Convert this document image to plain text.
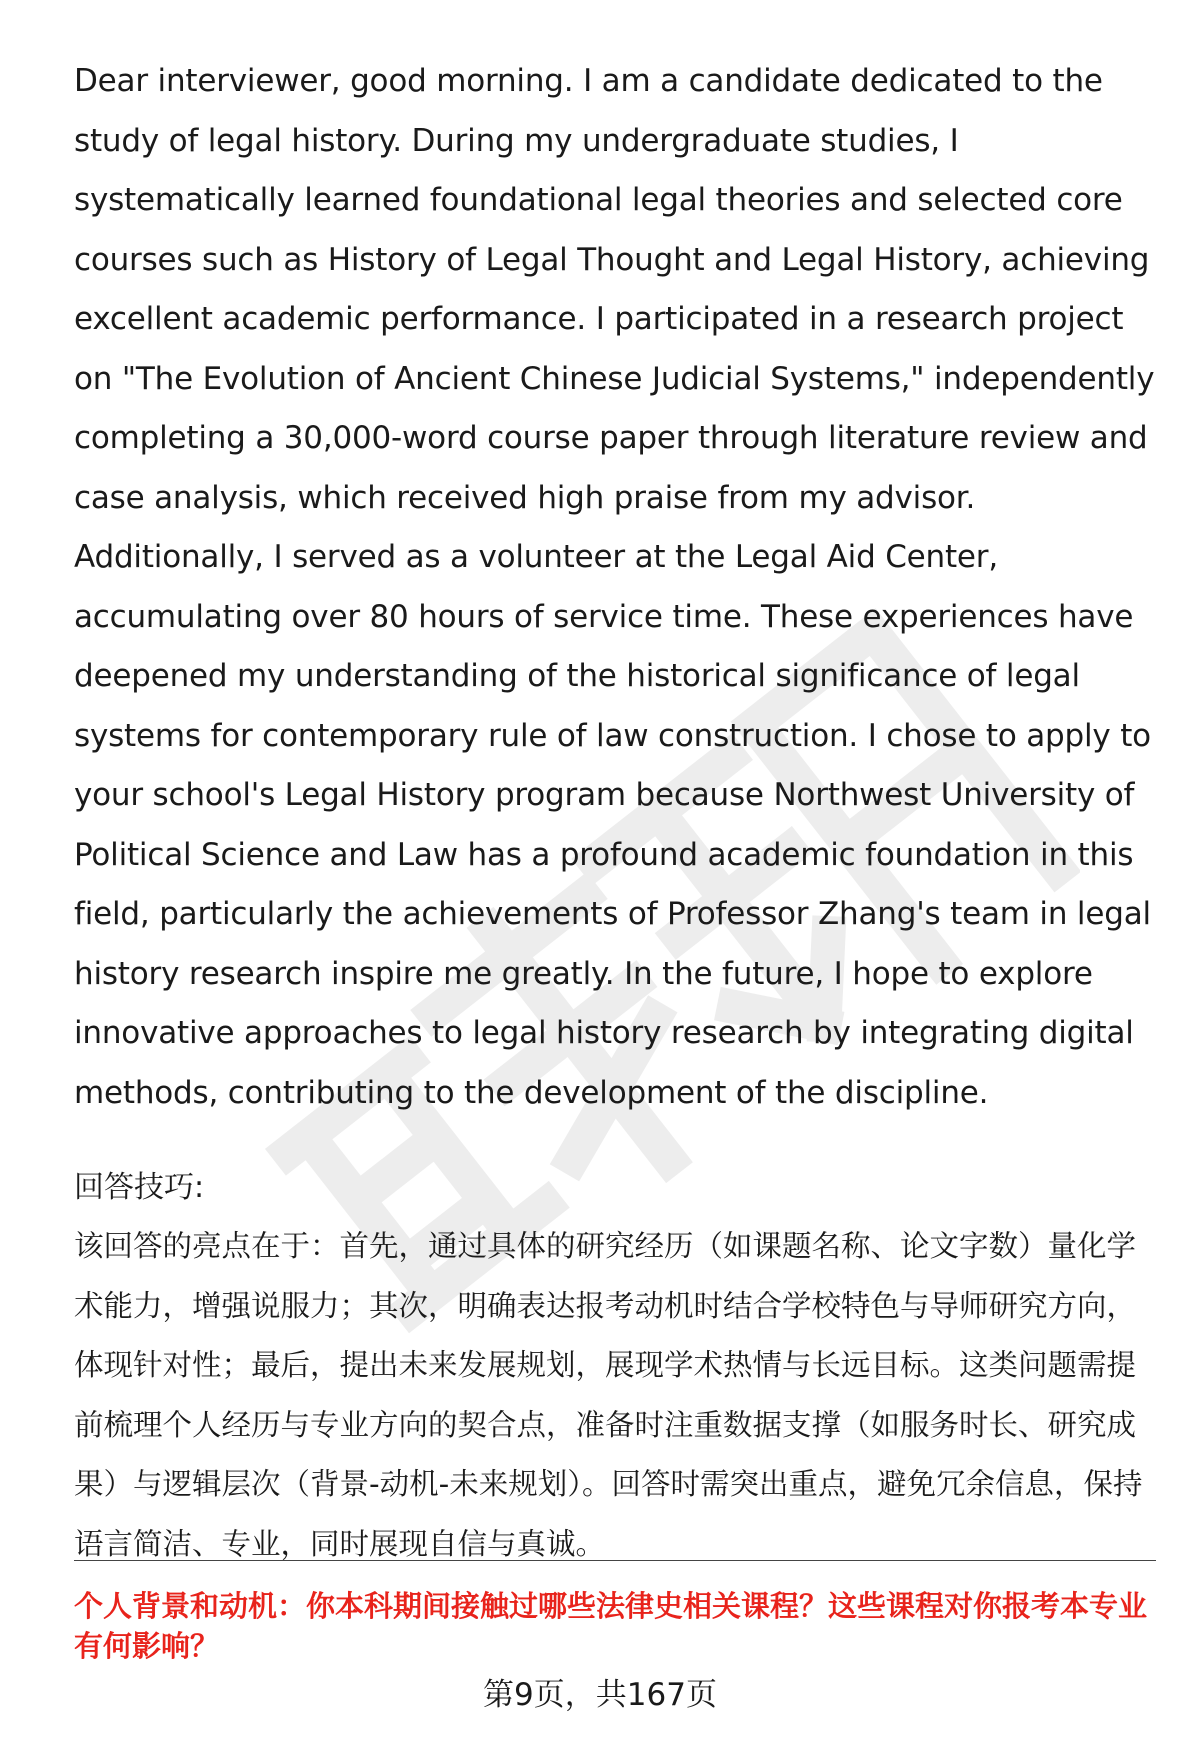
Dear interviewer, good morning. I am a candidate dedicated to the study of legal history. During my undergraduate studies, I systematically learned foundational legal theories and selected core courses such as History of Legal Thought and Legal History, achieving excellent academic performance. I participated in a research project on "The Evolution of Ancient Chinese Judicial Systems," independently completing a 30,000-word course paper through literature review and case analysis, which received high praise from my advisor. Additionally, I served as a volunteer at the Legal Aid Center, accumulating over 80 hours of service time. These experiences have deepened my understanding of the historical significance of legal systems for contemporary rule of law construction. I chose to apply to your school's Legal History program because Northwest University of Political Science and Law has a profound academic foundation in this field, particularly the achievements of Professor Zhang's team in legal history research inspire me greatly. In the future, I hope to explore innovative approaches to legal history research by integrating digital methods, contributing to the development of the discipline.

回答技巧:

该回答的亮点在于：首先，通过具体的研究经历（如课题名称、论文字数）量化学术能力，增强说服力；其次，明确表达报考动机时结合学校特色与导师研究方向，体现针对性；最后，提出未来发展规划，展现学术热情与长远目标。这类问题需提前梳理个人经历与专业方向的契合点，准备时注重数据支撑（如服务时长、研究成果）与逻辑层次（背景-动机-未来规划）。回答时需突出重点，避免冗余信息，保持语言简洁、专业，同时展现自信与真诚。

个人背景和动机：你本科期间接触过哪些法律史相关课程？这些课程对你报考本专业有何影响？

第9页，共167页
